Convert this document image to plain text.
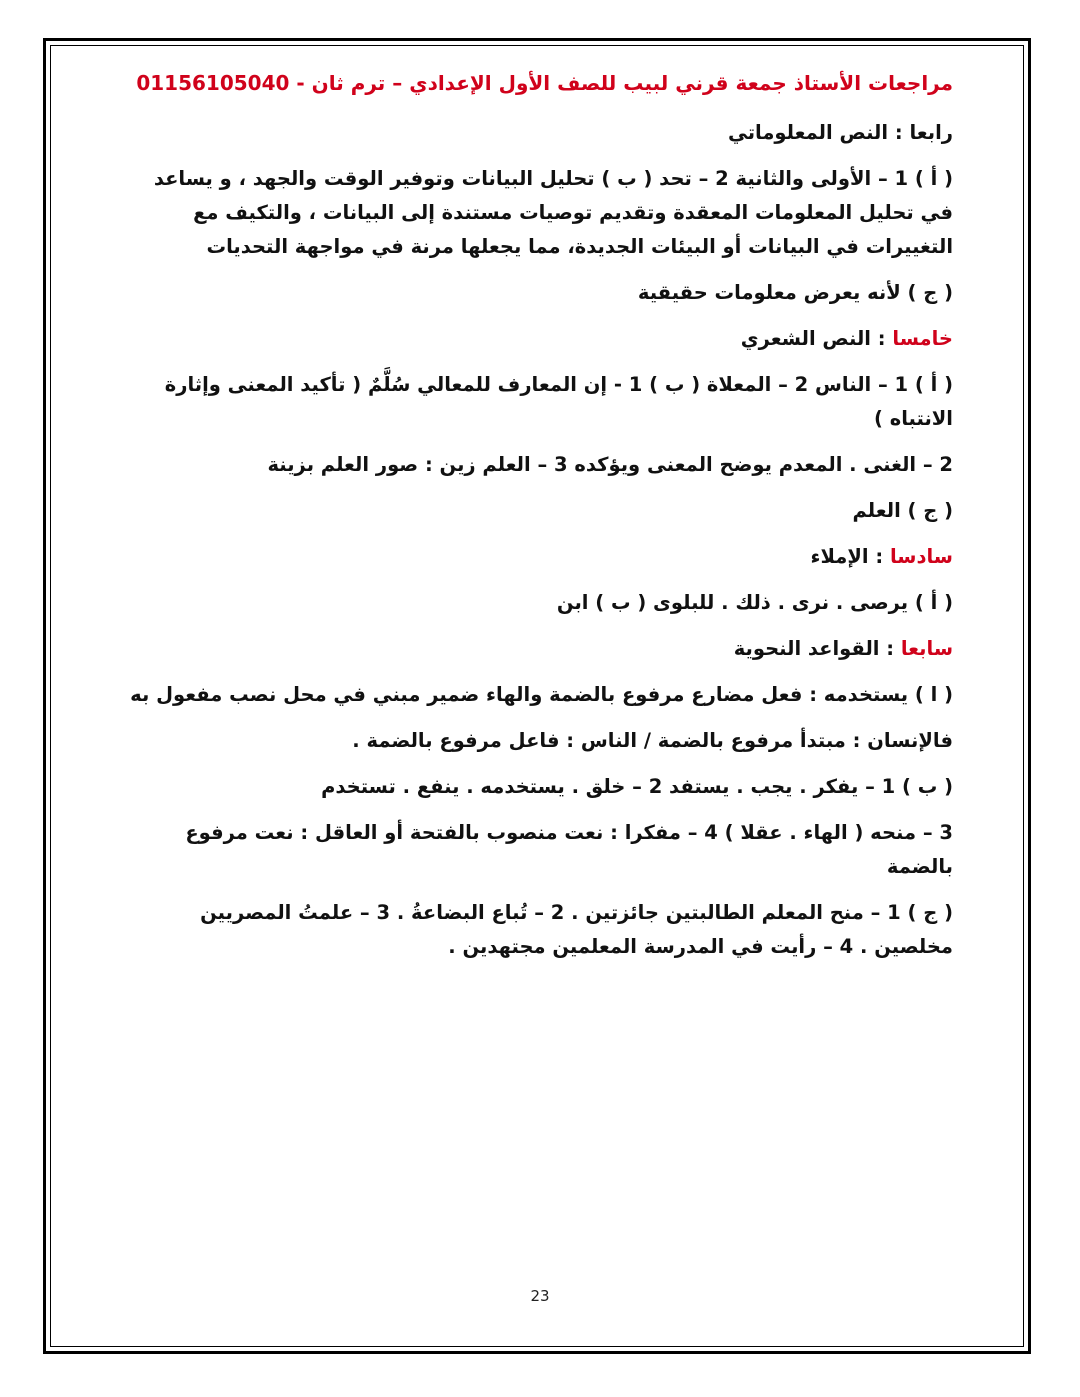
مراجعات الأستاذ جمعة قرني لبيب للصف الأول الإعدادي – ترم ثان - 01156105040
رابعا : النص المعلوماتي
( أ ) 1 – الأولى والثانية 2 – تحد ( ب ) تحليل البيانات وتوفير الوقت والجهد ، و يساعد في تحليل المعلومات المعقدة وتقديم توصيات مستندة إلى البيانات ، والتكيف مع التغييرات في البيانات أو البيئات الجديدة، مما يجعلها مرنة في مواجهة التحديات
( ج ) لأنه يعرض معلومات حقيقية
خامسا : النص الشعري
( أ ) 1 – الناس 2 – المعلاة ( ب ) 1 - إن المعارف للمعالي سُلَّمٌ ( تأكيد المعنى وإثارة الانتباه )
2 – الغنى . المعدم يوضح المعنى ويؤكده 3 – العلم زين : صور العلم بزينة
( ج ) العلم
سادسا : الإملاء
( أ ) يرصى . نرى . ذلك . للبلوى ( ب ) ابن
سابعا : القواعد النحوية
( ا ) يستخدمه : فعل مضارع مرفوع بالضمة والهاء ضمير مبني في محل نصب مفعول به
فالإنسان : مبتدأ مرفوع بالضمة / الناس : فاعل مرفوع بالضمة .
( ب ) 1 – يفكر . يجب . يستفد 2 – خلق . يستخدمه . ينفع . تستخدم
3 – منحه ( الهاء . عقلا ) 4 – مفكرا : نعت منصوب بالفتحة أو العاقل : نعت مرفوع بالضمة
( ج ) 1 – منح المعلم الطالبتين جائزتين . 2 – تُباع البضاعةُ . 3 – علمتُ المصريين مخلصين . 4 – رأيت في المدرسة المعلمين مجتهدين .
23
